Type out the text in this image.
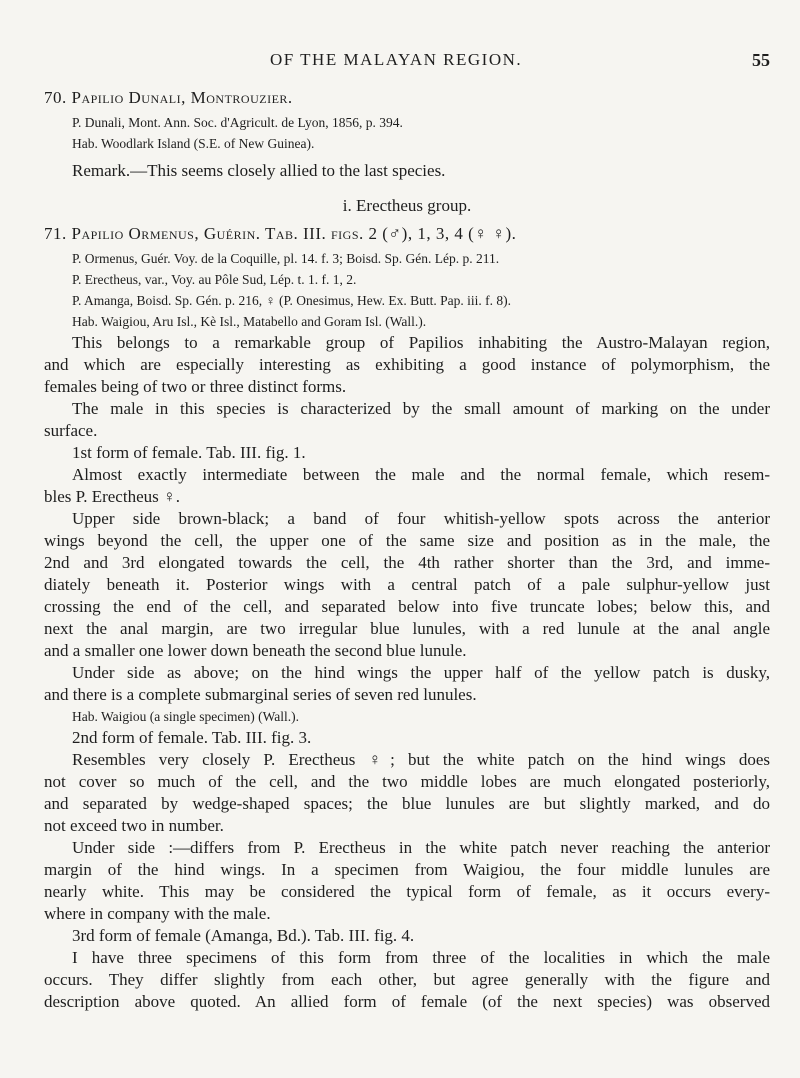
OF THE MALAYAN REGION.	55

70. Papilio Dunali, Montrouzier.

P. Dunali, Mont. Ann. Soc. d'Agricult. de Lyon, 1856, p. 394.

Hab. Woodlark Island (S.E. of New Guinea).

Remark.—This seems closely allied to the last species.

i. Erectheus group.

71. Papilio Ormenus, Guérin. Tab. III. figs. 2 (♂), 1, 3, 4 (♀ ♀).

P. Ormenus, Guér. Voy. de la Coquille, pl. 14. f. 3; Boisd. Sp. Gén. Lép. p. 211.

P. Erectheus, var., Voy. au Pôle Sud, Lép. t. 1. f. 1, 2.

P. Amanga, Boisd. Sp. Gén. p. 216, ♀ (P. Onesimus, Hew. Ex. Butt. Pap. iii. f. 8).

Hab. Waigiou, Aru Isl., Kè Isl., Matabello and Goram Isl. (Wall.).

This belongs to a remarkable group of Papilios inhabiting the Austro-Malayan region,

and which are especially interesting as exhibiting a good instance of polymorphism, the

females being of two or three distinct forms.

The male in this species is characterized by the small amount of marking on the under

surface.

1st form of female. Tab. III. fig. 1.

Almost exactly intermediate between the male and the normal female, which resem-

bles P. Erectheus ♀.

Upper side brown-black; a band of four whitish-yellow spots across the anterior

wings beyond the cell, the upper one of the same size and position as in the male, the

2nd and 3rd elongated towards the cell, the 4th rather shorter than the 3rd, and imme-

diately beneath it. Posterior wings with a central patch of a pale sulphur-yellow just

crossing the end of the cell, and separated below into five truncate lobes; below this, and

next the anal margin, are two irregular blue lunules, with a red lunule at the anal angle

and a smaller one lower down beneath the second blue lunule.

Under side as above; on the hind wings the upper half of the yellow patch is dusky,

and there is a complete submarginal series of seven red lunules.

Hab. Waigiou (a single specimen) (Wall.).

2nd form of female. Tab. III. fig. 3.

Resembles very closely P. Erectheus ♀; but the white patch on the hind wings does

not cover so much of the cell, and the two middle lobes are much elongated posteriorly,

and separated by wedge-shaped spaces; the blue lunules are but slightly marked, and do

not exceed two in number.

Under side :—differs from P. Erectheus in the white patch never reaching the anterior

margin of the hind wings. In a specimen from Waigiou, the four middle lunules are

nearly white. This may be considered the typical form of female, as it occurs every-

where in company with the male.

3rd form of female (Amanga, Bd.). Tab. III. fig. 4.

I have three specimens of this form from three of the localities in which the male

occurs. They differ slightly from each other, but agree generally with the figure and

description above quoted. An allied form of female (of the next species) was observed
